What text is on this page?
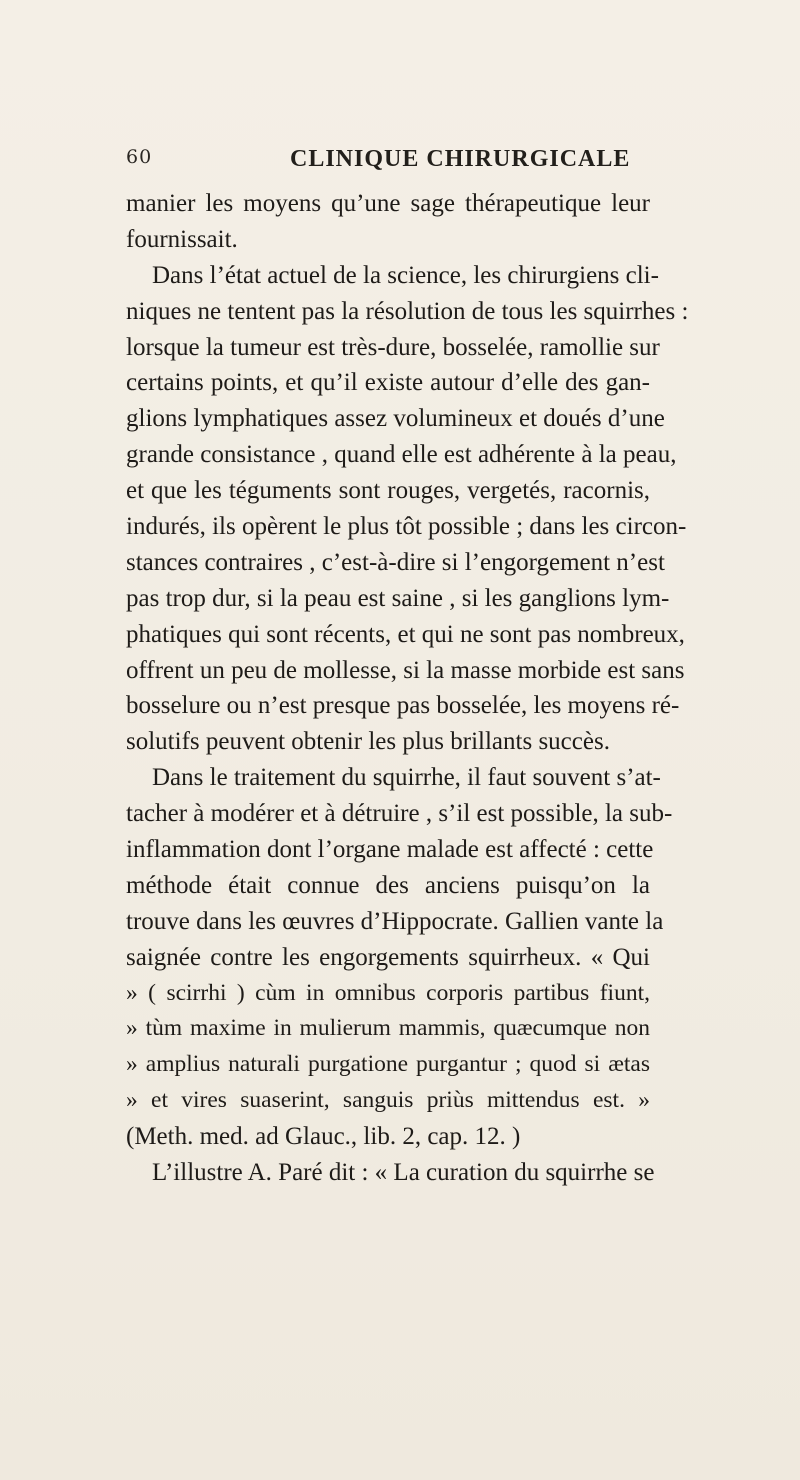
60	CLINIQUE CHIRURGICALE
manier les moyens qu’une sage thérapeutique leur
fournissait.
Dans l’état actuel de la science, les chirurgiens cli-
niques ne tentent pas la résolution de tous les squirrhes :
lorsque la tumeur est très-dure, bosselée, ramollie sur
certains points, et qu’il existe autour d’elle des gan-
glions lymphatiques assez volumineux et doués d’une
grande consistance , quand elle est adhérente à la peau,
et que les téguments sont rouges, vergetés, racornis,
indurés, ils opèrent le plus tôt possible ; dans les circon-
stances contraires , c’est-à-dire si l’engorgement n’est
pas trop dur, si la peau est saine , si les ganglions lym-
phatiques qui sont récents, et qui ne sont pas nombreux,
offrent un peu de mollesse, si la masse morbide est sans
bosselure ou n’est presque pas bosselée, les moyens ré-
solutifs peuvent obtenir les plus brillants succès.
Dans le traitement du squirrhe, il faut souvent s’at-
tacher à modérer et à détruire , s’il est possible, la sub-
inflammation dont l’organe malade est affecté : cette
méthode était connue des anciens puisqu’on la
trouve dans les œuvres d’Hippocrate. Gallien vante la
saignée contre les engorgements squirrheux. « Qui
» ( scirrhi ) cùm in omnibus corporis partibus fiunt,
» tùm maxime in mulierum mammis, quæcumque non
» amplius naturali purgatione purgantur ; quod si ætas
» et vires suaserint, sanguis priùs mittendus est. »
(Meth. med. ad Glauc., lib. 2, cap. 12. )
L’illustre A. Paré dit : « La curation du squirrhe se
